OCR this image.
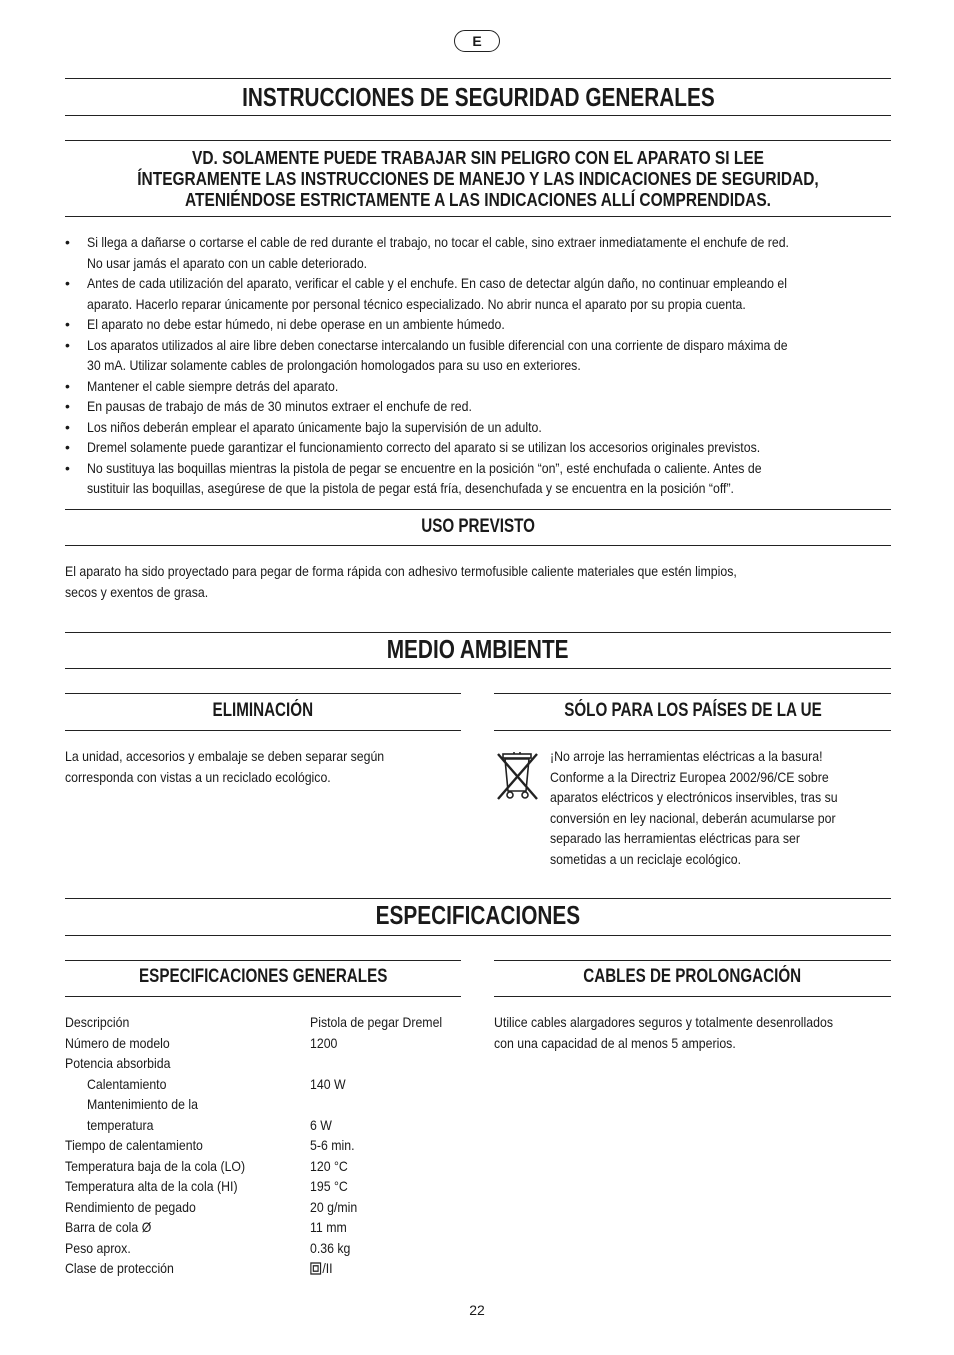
E
INSTRUCCIONES DE SEGURIDAD GENERALES
VD. SOLAMENTE PUEDE TRABAJAR SIN PELIGRO CON EL APARATO SI LEE
ÍNTEGRAMENTE LAS INSTRUCCIONES DE MANEJO Y LAS INDICACIONES DE SEGURIDAD,
ATENIÉNDOSE ESTRICTAMENTE A LAS INDICACIONES ALLÍ COMPRENDIDAS.
• Si llega a dañarse o cortarse el cable de red durante el trabajo, no tocar el cable, sino extraer inmediatamente el enchufe de red.
No usar jamás el aparato con un cable deteriorado.
• Antes de cada utilización del aparato, verificar el cable y el enchufe. En caso de detectar algún daño, no continuar empleando el
aparato. Hacerlo reparar únicamente por personal técnico especializado. No abrir nunca el aparato por su propia cuenta.
• El aparato no debe estar húmedo, ni debe operase en un ambiente húmedo.
• Los aparatos utilizados al aire libre deben conectarse intercalando un fusible diferencial con una corriente de disparo máxima de
30 mA. Utilizar solamente cables de prolongación homologados para su uso en exteriores.
• Mantener el cable siempre detrás del aparato.
• En pausas de trabajo de más de 30 minutos extraer el enchufe de red.
• Los niños deberán emplear el aparato únicamente bajo la supervisión de un adulto.
• Dremel solamente puede garantizar el funcionamiento correcto del aparato si se utilizan los accesorios originales previstos.
• No sustituya las boquillas mientras la pistola de pegar se encuentre en la posición “on”, esté enchufada o caliente. Antes de
sustituir las boquillas, asegúrese de que la pistola de pegar está fría, desenchufada y se encuentra en la posición “off”.
USO PREVISTO
El aparato ha sido proyectado para pegar de forma rápida con adhesivo termofusible caliente materiales que estén limpios,
secos y exentos de grasa.
MEDIO AMBIENTE
ELIMINACIÓN
La unidad, accesorios y embalaje se deben separar según
corresponda con vistas a un reciclado ecológico.
SÓLO PARA LOS PAÍSES DE LA UE
¡No arroje las herramientas eléctricas a la basura!
Conforme a la Directriz Europea 2002/96/CE sobre
aparatos eléctricos y electrónicos inservibles, tras su
conversión en ley nacional, deberán acumularse por
separado las herramientas eléctricas para ser
sometidas a un reciclaje ecológico.
ESPECIFICACIONES
ESPECIFICACIONES GENERALES
Descripción	Pistola de pegar Dremel
Número de modelo	1200
Potencia absorbida
Calentamiento	140 W
Mantenimiento de la
temperatura	6 W
Tiempo de calentamiento	5-6 min.
Temperatura baja de la cola (LO)	120 °C
Temperatura alta de la cola (HI)	195 °C
Rendimiento de pegado	20 g/min
Barra de cola Ø	11 mm
Peso aprox.	0.36 kg
Clase de protección	/II
CABLES DE PROLONGACIÓN
Utilice cables alargadores seguros y totalmente desenrollados
con una capacidad de al menos 5 amperios.
22
